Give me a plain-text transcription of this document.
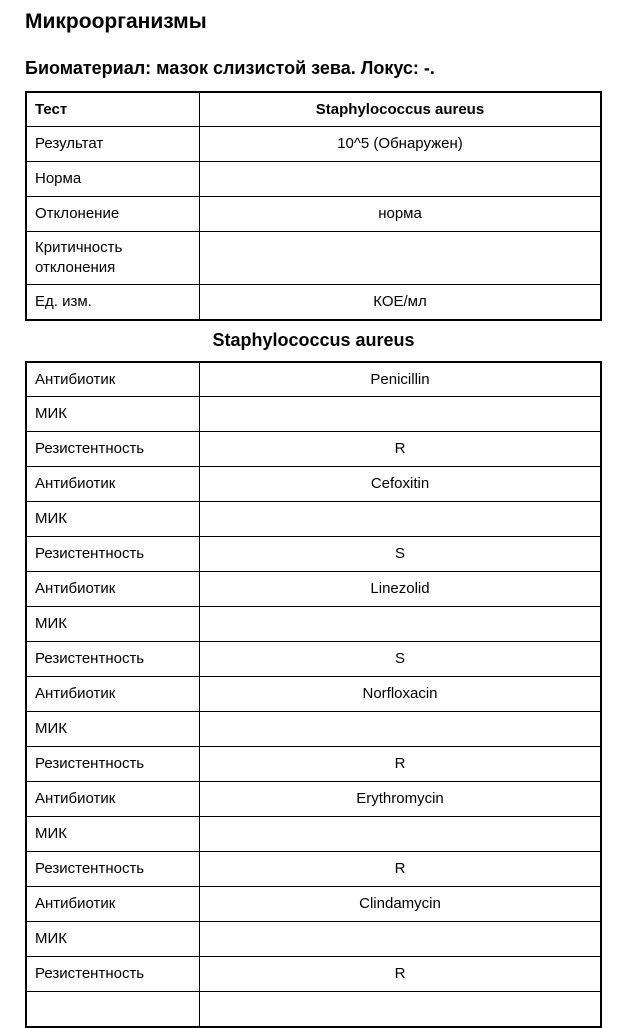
Микроорганизмы
Биоматериал: мазок слизистой зева. Локус: -.
Тест	Staphylococcus aureus
Результат	10^5 (Обнаружен)
Норма	
Отклонение	норма
Критичность отклонения	
Ед. изм.	КОЕ/мл
Staphylococcus aureus
Антибиотик	Penicillin
МИК	
Резистентность	R
Антибиотик	Cefoxitin
МИК	
Резистентность	S
Антибиотик	Linezolid
МИК	
Резистентность	S
Антибиотик	Norfloxacin
МИК	
Резистентность	R
Антибиотик	Erythromycin
МИК	
Резистентность	R
Антибиотик	Clindamycin
МИК	
Резистентность	R
